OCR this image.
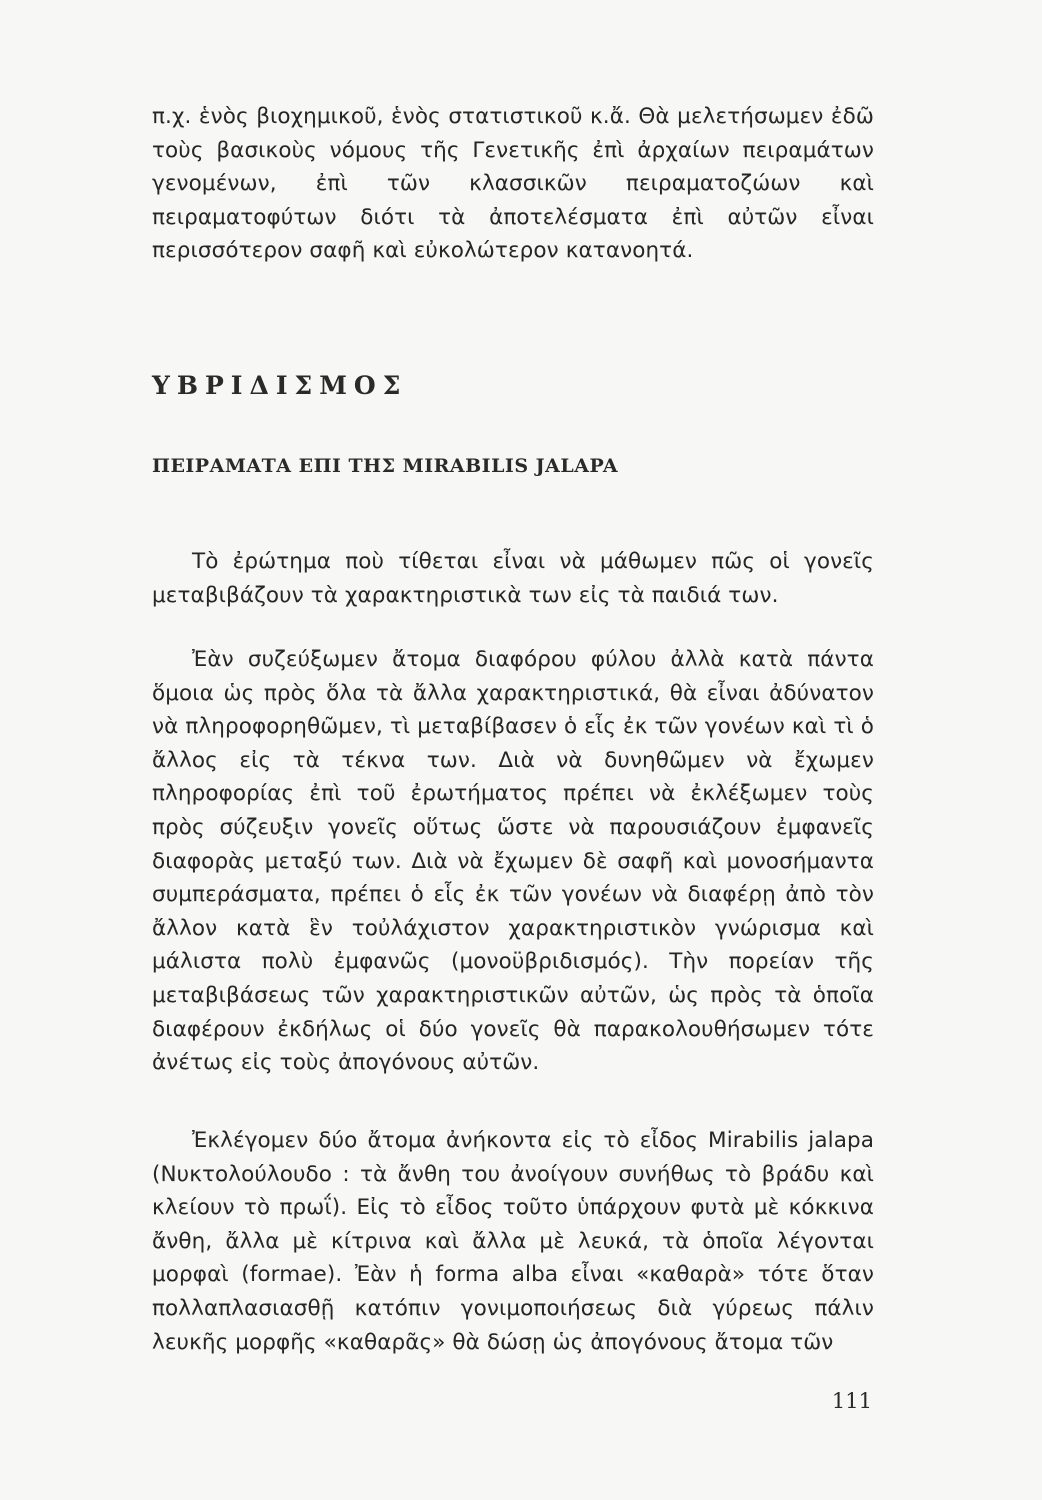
π.χ. ἑνὸς βιοχημικοῦ, ἑνὸς στατιστικοῦ κ.ἄ. Θὰ μελετήσωμεν ἐδῶ τοὺς βασικοὺς νόμους τῆς Γενετικῆς ἐπὶ ἀρχαίων πειραμάτων γενομένων, ἐπὶ τῶν κλασσικῶν πειραματοζώων καὶ πειραματοφύτων διότι τὰ ἀποτελέσματα ἐπὶ αὐτῶν εἶναι περισσότερον σαφῆ καὶ εὐκολώτερον κατανοητά.

ΥΒΡΙΔΙΣΜΟΣ
ΠΕΙΡΑΜΑΤΑ ΕΠΙ ΤΗΣ MIRABILIS JALAPA

Τὸ ἐρώτημα ποὺ τίθεται εἶναι νὰ μάθωμεν πῶς οἱ γονεῖς μεταβιβάζουν τὰ χαρακτηριστικὰ των εἰς τὰ παιδιά των.

Ἐὰν συζεύξωμεν ἄτομα διαφόρου φύλου ἀλλὰ κατὰ πάντα ὅμοια ὡς πρὸς ὅλα τὰ ἄλλα χαρακτηριστικά, θὰ εἶναι ἀδύνατον νὰ πληροφορηθῶμεν, τὶ μεταβίβασεν ὁ εἷς ἐκ τῶν γονέων καὶ τὶ ὁ ἄλλος εἰς τὰ τέκνα των. Διὰ νὰ δυνηθῶμεν νὰ ἔχωμεν πληροφορίας ἐπὶ τοῦ ἐρωτήματος πρέπει νὰ ἐκλέξωμεν τοὺς πρὸς σύζευξιν γονεῖς οὕτως ὥστε νὰ παρουσιάζουν ἐμφανεῖς διαφορὰς μεταξύ των. Διὰ νὰ ἔχωμεν δὲ σαφῆ καὶ μονοσήμαντα συμπεράσματα, πρέπει ὁ εἷς ἐκ τῶν γονέων νὰ διαφέρῃ ἀπὸ τὸν ἄλλον κατὰ ἓν τοὐλάχιστον χαρακτηριστικὸν γνώρισμα καὶ μάλιστα πολὺ ἐμφανῶς (μονοϋβριδισμός). Τὴν πορείαν τῆς μεταβιβάσεως τῶν χαρακτηριστικῶν αὐτῶν, ὡς πρὸς τὰ ὁποῖα διαφέρουν ἐκδήλως οἱ δύο γονεῖς θὰ παρακολουθήσωμεν τότε ἀνέτως εἰς τοὺς ἀπογόνους αὐτῶν.

Ἐκλέγομεν δύο ἄτομα ἀνήκοντα εἰς τὸ εἶδος Mirabilis jalapa (Νυκτολούλουδο : τὰ ἄνθη του ἀνοίγουν συνήθως τὸ βράδυ καὶ κλείουν τὸ πρωΐ). Εἰς τὸ εἶδος τοῦτο ὑπάρχουν φυτὰ μὲ κόκκινα ἄνθη, ἄλλα μὲ κίτρινα καὶ ἄλλα μὲ λευκά, τὰ ὁποῖα λέγονται μορφαὶ (formae). Ἐὰν ἡ forma alba εἶναι «καθαρὰ» τότε ὅταν πολλαπλασιασθῇ κατόπιν γονιμοποιήσεως διὰ γύρεως πάλιν λευκῆς μορφῆς «καθαρᾶς» θὰ δώσῃ ὡς ἀπογόνους ἄτομα τῶν

111
